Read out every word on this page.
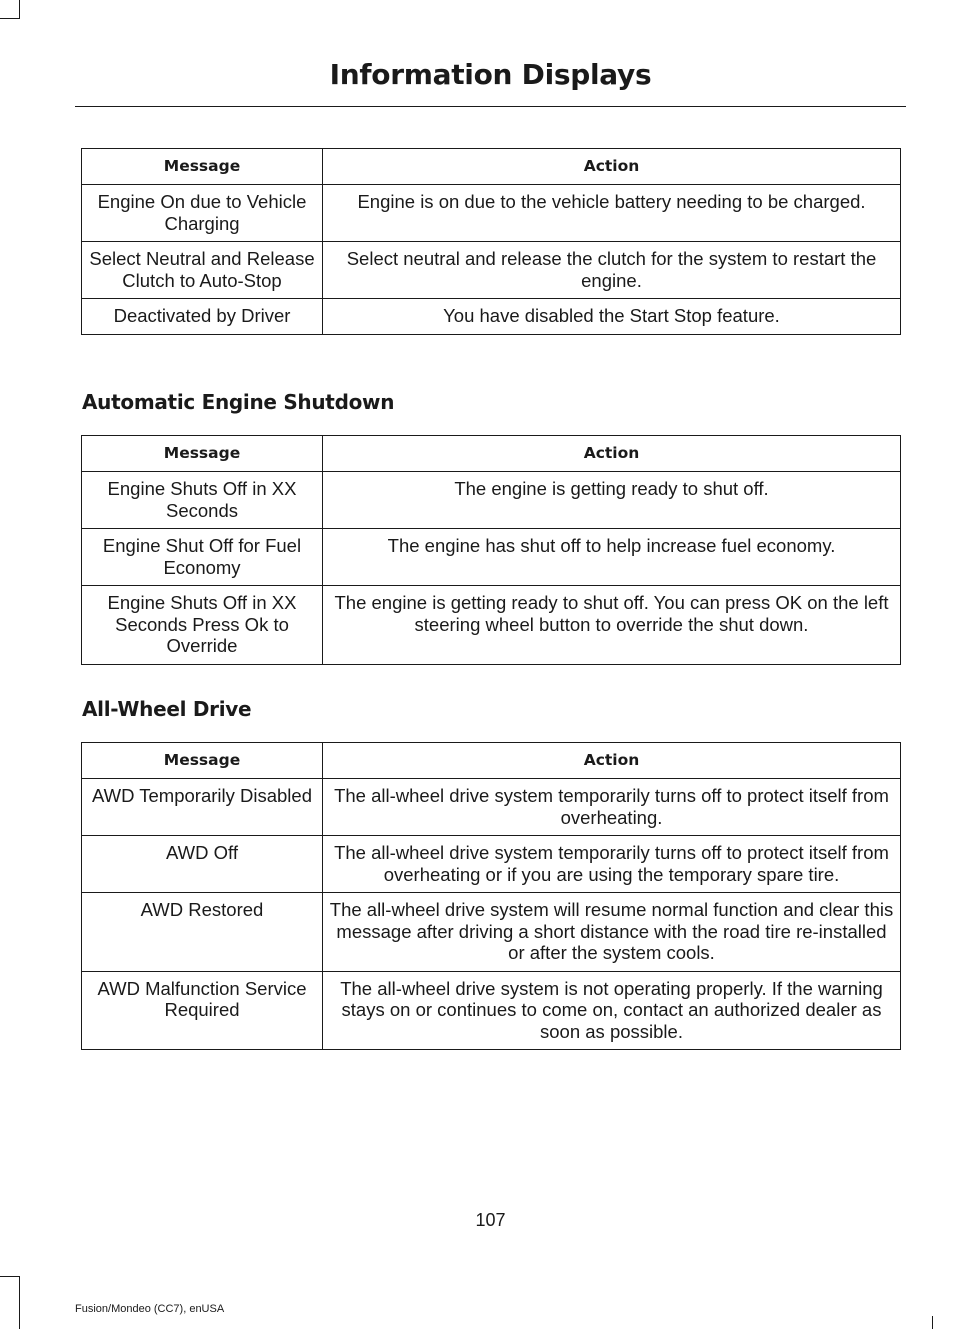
Information Displays
Message	Action
Engine On due to Vehicle Charging	Engine is on due to the vehicle battery needing to be charged.
Select Neutral and Release Clutch to Auto-Stop	Select neutral and release the clutch for the system to restart the engine.
Deactivated by Driver	You have disabled the Start Stop feature.
Automatic Engine Shutdown
Message	Action
Engine Shuts Off in XX Seconds	The engine is getting ready to shut off.
Engine Shut Off for Fuel Economy	The engine has shut off to help increase fuel economy.
Engine Shuts Off in XX Seconds Press Ok to Override	The engine is getting ready to shut off. You can press OK on the left steering wheel button to override the shut down.
All-Wheel Drive
Message	Action
AWD Temporarily Disabled	The all-wheel drive system temporarily turns off to protect itself from overheating.
AWD Off	The all-wheel drive system temporarily turns off to protect itself from overheating or if you are using the temporary spare tire.
AWD Restored	The all-wheel drive system will resume normal function and clear this message after driving a short distance with the road tire re-installed or after the system cools.
AWD Malfunction Service Required	The all-wheel drive system is not operating properly. If the warning stays on or continues to come on, contact an authorized dealer as soon as possible.
107
Fusion/Mondeo (CC7), enUSA
